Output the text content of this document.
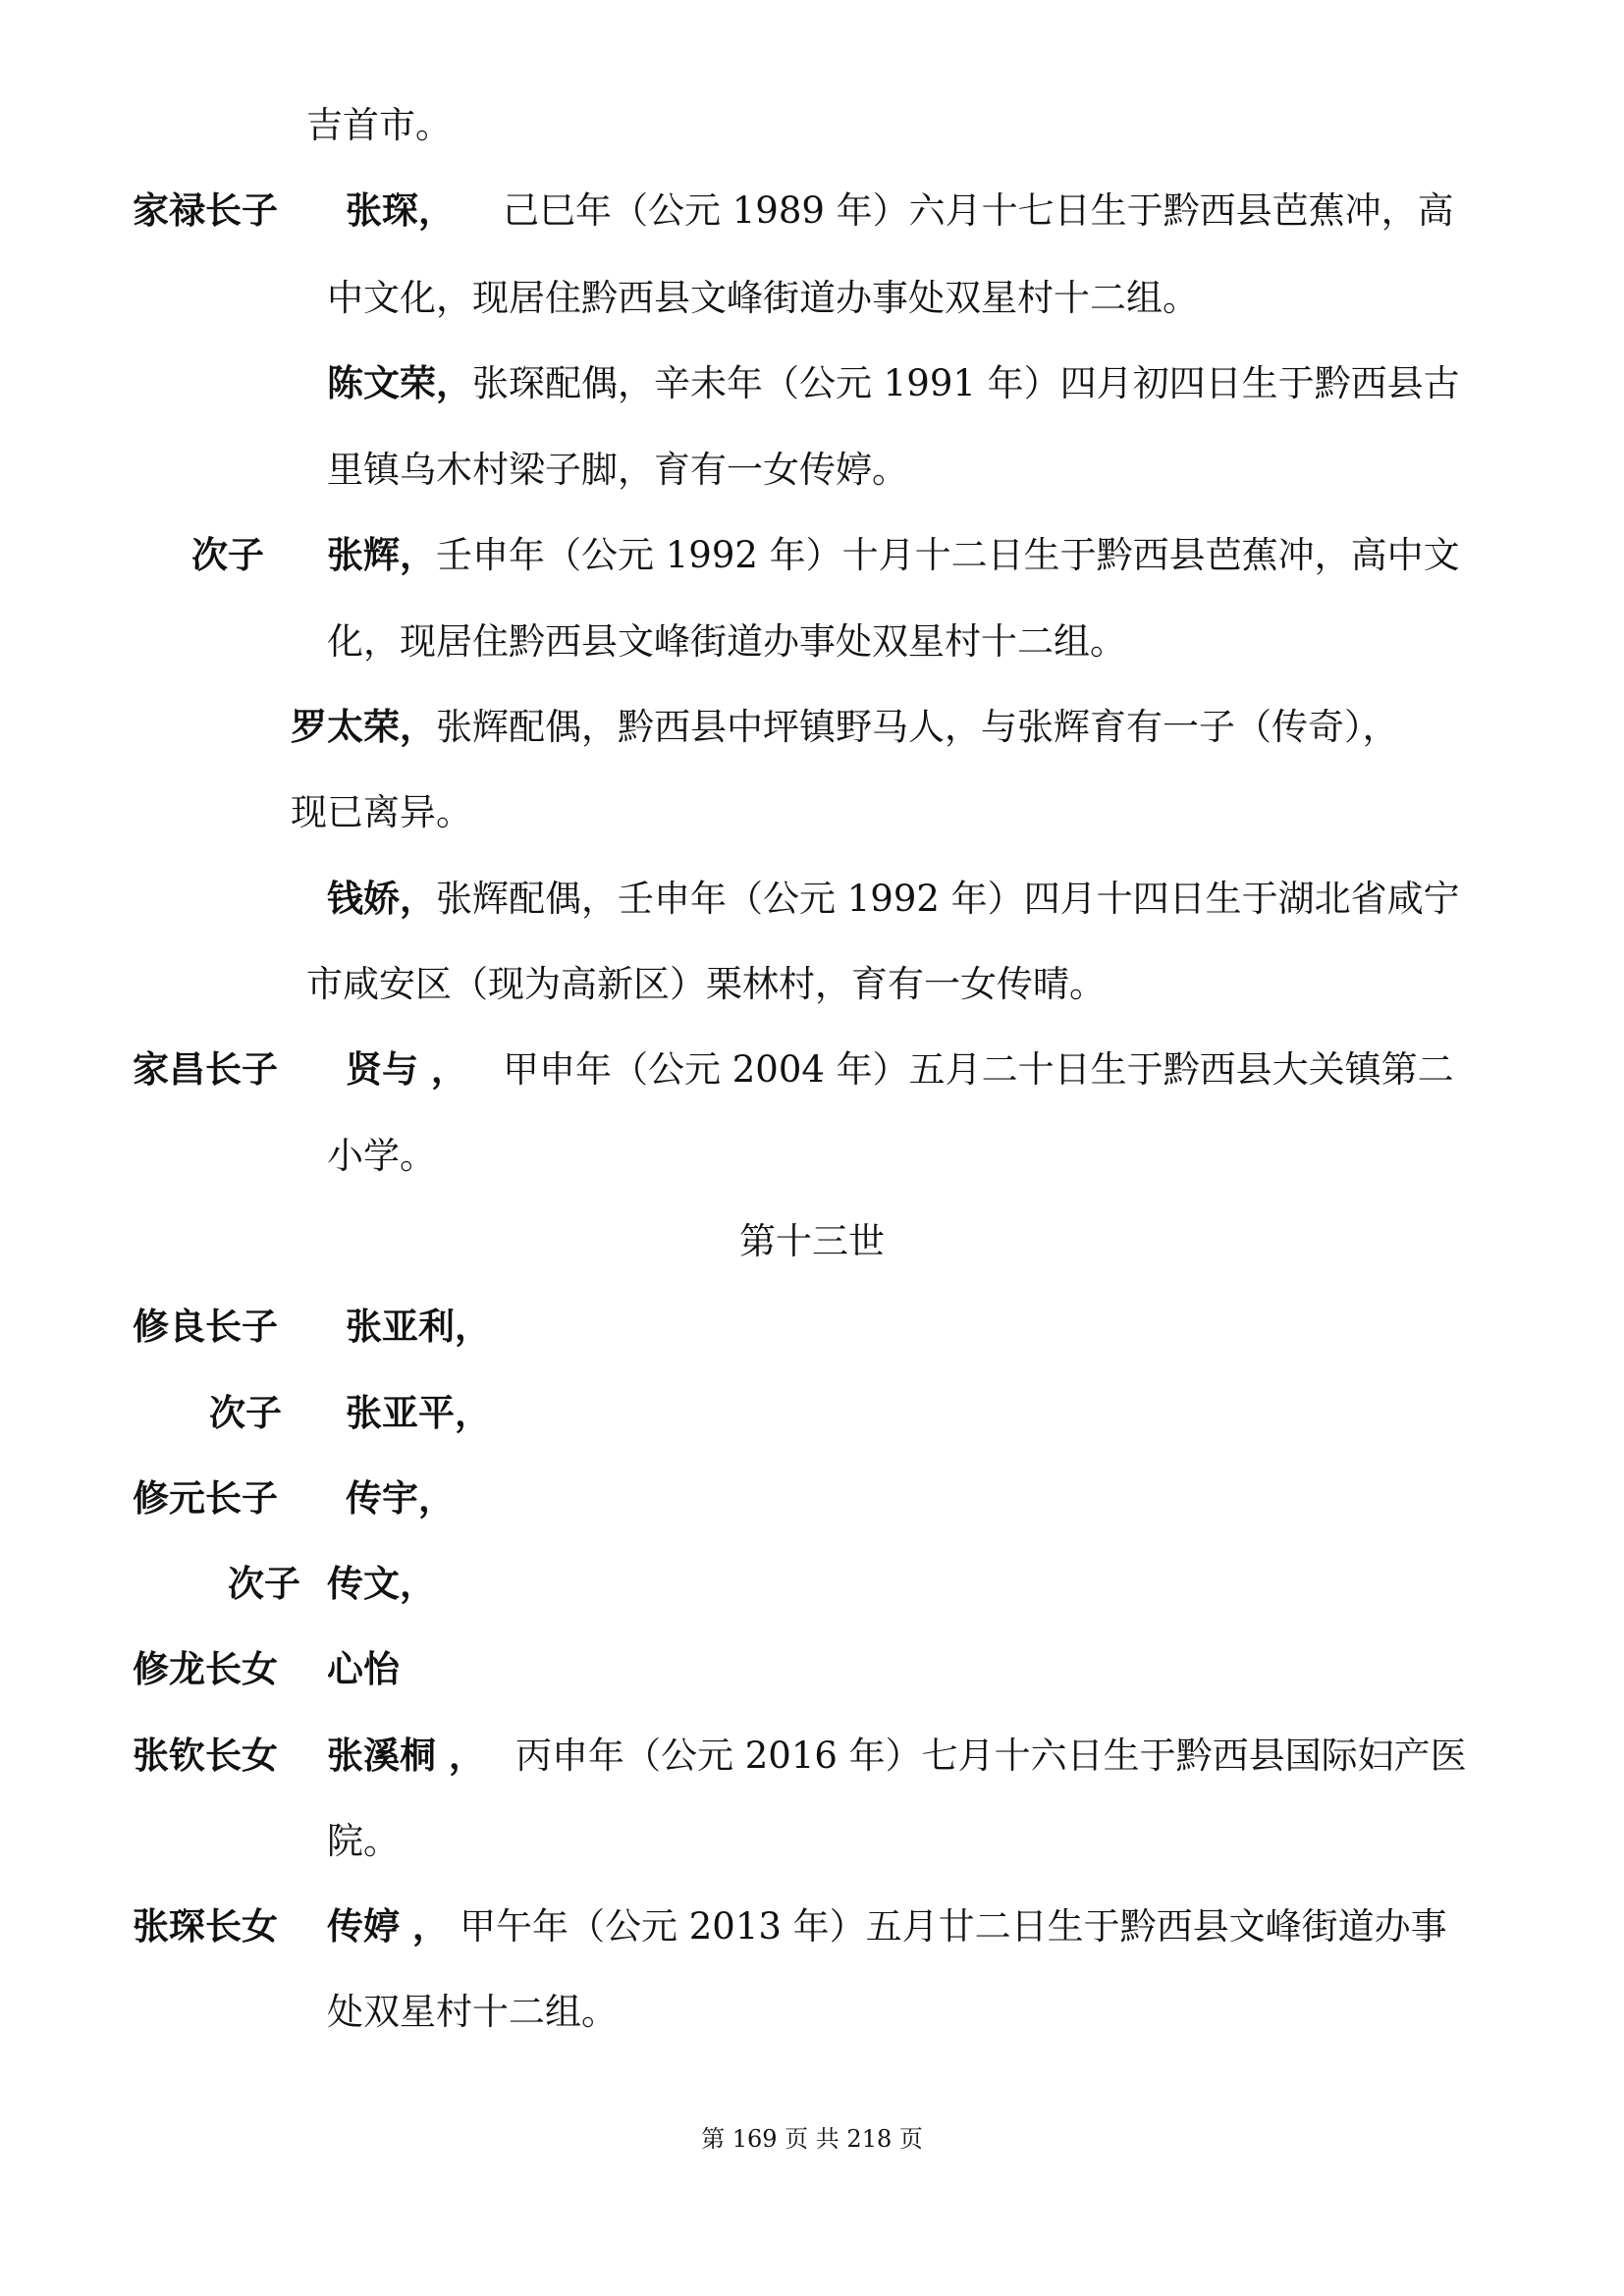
吉首市。
家禄长子 张琛， 己巳年（公元 1989 年）六月十七日生于黔西县芭蕉冲，高
中文化，现居住黔西县文峰街道办事处双星村十二组。
陈文荣， 张琛配偶，辛未年（公元 1991 年）四月初四日生于黔西县古
里镇乌木村梁子脚，育有一女传婷。
次子 张辉， 壬申年（公元 1992 年）十月十二日生于黔西县芭蕉冲，高中文
化，现居住黔西县文峰街道办事处双星村十二组。
罗太荣， 张辉配偶，黔西县中坪镇野马人，与张辉育有一子（传奇），
现已离异。
钱娇， 张辉配偶，壬申年（公元 1992 年）四月十四日生于湖北省咸宁
市咸安区（现为高新区）栗林村，育有一女传晴。
家昌长子 贤与 ， 甲申年（公元 2004 年）五月二十日生于黔西县大关镇第二
小学。
第十三世
修良长子 张亚利，
次子 张亚平，
修元长子 传宇，
次子 传文，
修龙长女 心怡
张钦长女 张溪桐 ， 丙申年（公元 2016 年）七月十六日生于黔西县国际妇产医
院。
张琛长女 传婷 ， 甲午年（公元 2013 年）五月廿二日生于黔西县文峰街道办事
处双星村十二组。
第 169 页 共 218 页
